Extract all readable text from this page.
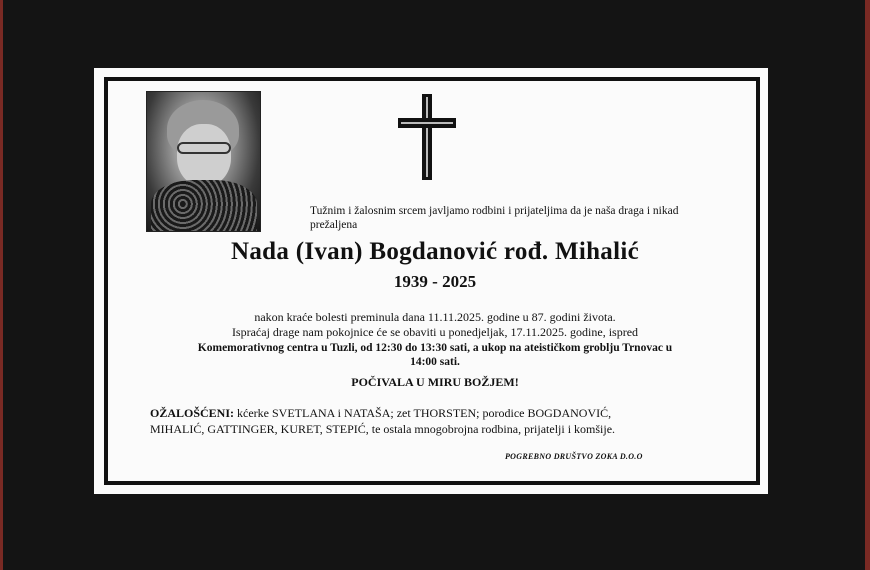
Tužnim i žalosnim srcem javljamo rodbini i prijateljima da je naša draga i nikad prežaljena
Nada (Ivan) Bogdanović rođ. Mihalić
1939 - 2025
nakon kraće bolesti preminula dana 11.11.2025. godine u 87. godini života.
Ispraćaj drage nam pokojnice će se obaviti u ponedjeljak, 17.11.2025. godine, ispred
Komemorativnog centra u Tuzli, od 12:30 do 13:30 sati, a ukop na ateističkom groblju Trnovac u
14:00 sati.
POČIVALA U MIRU BOŽJEM!
OŽALOŠĆENI: kćerke SVETLANA i NATAŠA; zet THORSTEN; porodice BOGDANOVIĆ,
MIHALIĆ, GATTINGER, KURET, STEPIĆ, te ostala mnogobrojna rodbina, prijatelji i komšije.
POGREBNO DRUŠTVO ZOKA D.O.O
